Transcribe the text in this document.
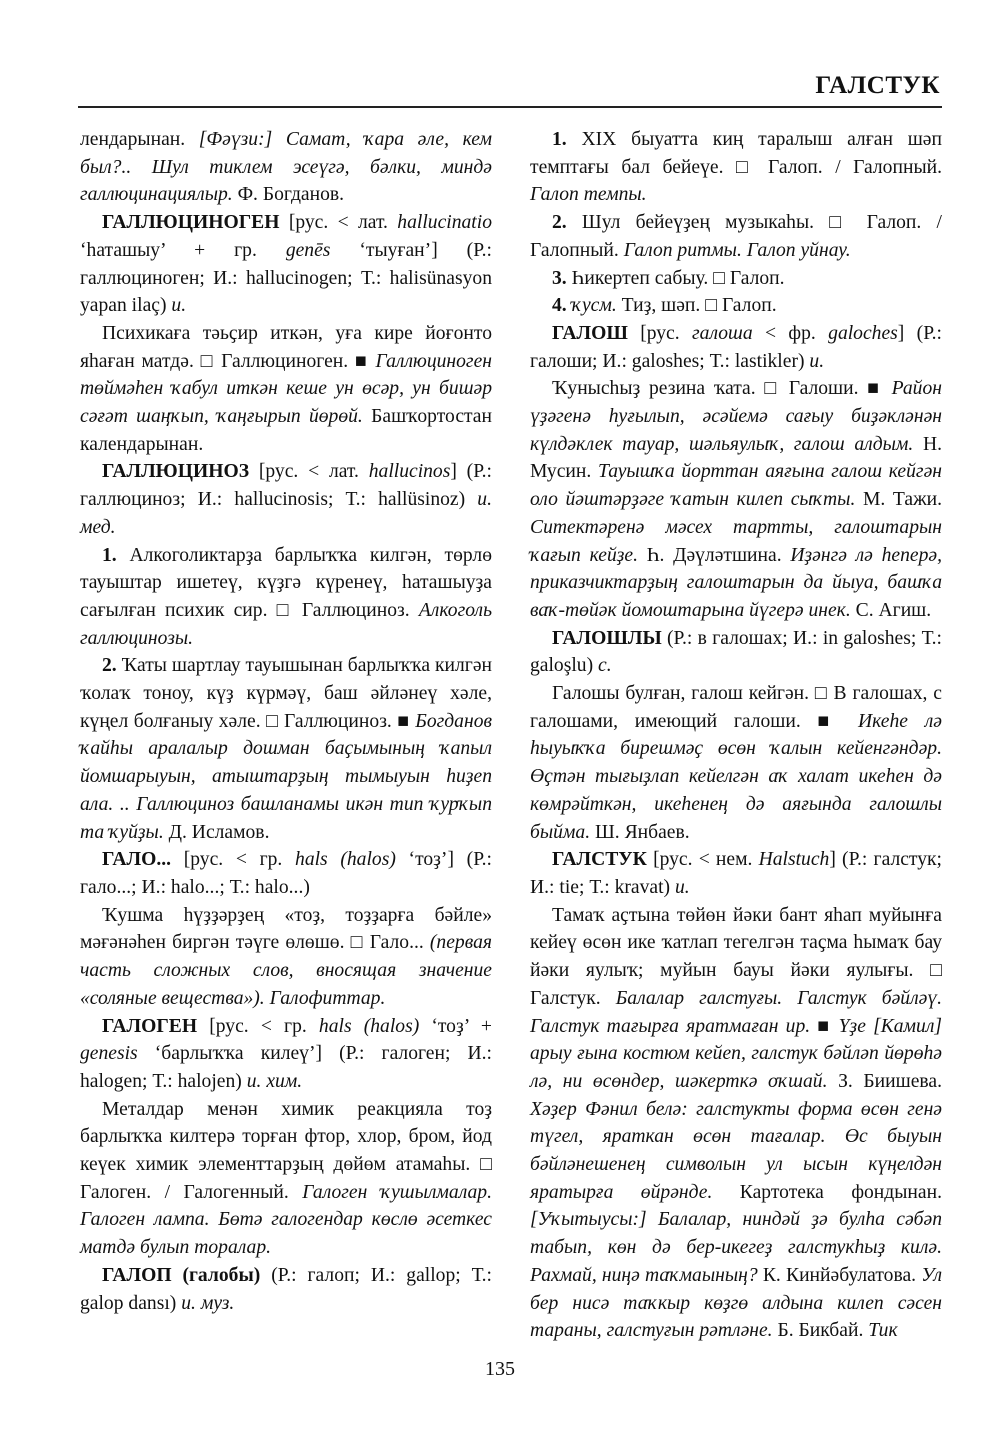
ГАЛСТУК

лендарынан. [Фәүзи:] Самат, ҡара әле, кем был?.. Шул тиклем эсеүгә, бәлки, миндә галлюцинациялыр. Ф. Богданов.

ГАЛЛЮЦИНОГЕН [рус. < лат. hallucinatio ‘һаташыу’ + гр. genēs ‘тыуған’] (Р.: галлюциноген; И.: hallucinogen; Т.: halisünasyon yapan ilaç) и.

Психикаға тәьҫир иткән, уға кире йоғонто яһаған матдә. □ Галлюциноген. ■ Галлюциноген төймәһен ҡабул иткән кеше ун өсәр, ун бишәр сәғәт шаңҡып, ҡаңғырып йөрөй. Башҡортостан календарынан.

ГАЛЛЮЦИНОЗ [рус. < лат. hallucinos] (Р.: галлюциноз; И.: hallucinosis; Т.: hallüsinoz) и. мед.

1. Алкоголиктарҙа барлыҡҡа килгән, төрлө тауыштар ишетеү, күҙгә күренеү, һаташыуҙа сағылған психик сир. □ Галлюциноз. Алкоголь галлюцинозы.

2. Ҡаты шартлау тауышынан барлыҡҡа килгән ҡолаҡ тоноу, күҙ күрмәү, баш әйләнеү хәле, күңел болғаныу хәле. □ Галлюциноз. ■ Богданов ҡайһы аралалыр дошман баҫымының ҡапыл йомшарыуын, атыштарҙың тымыуын һиҙеп ала. .. Галлюциноз башланамы икән тип ҡурҡып та ҡуйҙы. Д. Исламов.

ГАЛО... [рус. < гр. hals (halos) ‘тоҙ’] (Р.: гало...; И.: halo...; Т.: halo...)

Ҡушма һүҙҙәрҙең «тоҙ, тоҙҙарға бәйле» мәғәнәһен биргән тәүге өлөшө. □ Гало... (первая часть сложных слов, вносящая значение «соляные вещества»). Галофиттар.

ГАЛОГЕН [рус. < гр. hals (halos) ‘тоҙ’ + genesis ‘барлыҡҡа килеү’] (Р.: галоген; И.: halogen; Т.: halojen) и. хим.

Металдар менән химик реакцияла тоҙ барлыҡҡа килтерә торған фтор, хлор, бром, йод кеүек химик элементтарҙың дөйөм атамаһы. □ Галоген. / Галогенный. Галоген ҡушылмалар. Галоген лампа. Бөтә галогендар көслө әсеткес матдә булып торалар.

ГАЛОП (галобы) (Р.: галоп; И.: gallop; Т.: galop dansı) и. муз.

1. XIX быуатта киң таралыш алған шәп темптағы бал бейеүе. □ Галоп. / Галопный. Галоп темпы.

2. Шул бейеүҙең музыкаһы. □ Галоп. / Галопный. Галоп ритмы. Галоп уйнау.

3. Һикертеп сабыу. □ Галоп.

4. ҡусм. Тиҙ, шәп. □ Галоп.

ГАЛОШ [рус. галоша < фр. galoches] (Р.: галоши; И.: galoshes; Т.: lastikler) и.

Ҡунысһыҙ резина ҡата. □ Галоши. ■ Район үҙәгенә һуғылып, әсәйемә сағыу биҙәкләнән күлдәклек тауар, шәльяулыҡ, галош алдым. Н. Мусин. Тауышҡа йорттан аяғына галош кейгән оло йәштәрҙәге ҡатын килеп сыҡты. М. Тажи. Ситектәренә мәсех тартты, галоштарын ҡағып кейҙе. Һ. Дәүләтшина. Иҙәнгә лә һеперә, приказчиктарҙың галоштарын да йыуа, башҡа ваҡ-төйәк йомоштарына йүгерә инек. С. Агиш.

ГАЛОШЛЫ (Р.: в галошах; И.: in galoshes; Т.: galoşlu) с.

Галошы булған, галош кейгән. □ В галошах, с галошами, имеющий галоши. ■ Икеһе лә һыуыҡҡа бирешмәҫ өсөн ҡалын кейенгәндәр. Өҫтән тығыҙлап кейелгән аҡ халат икеһен дә көмрәйткән, икеһенең дә аяғында галошлы быйма. Ш. Янбаев.

ГАЛСТУК [рус. < нем. Halstuch] (Р.: галстук; И.: tie; Т.: kravat) и.

Тамаҡ аҫтына төйөн йәки бант яһап муйынға кейеү өсөн ике ҡатлап тегелгән таҫма һымаҡ бау йәки яулыҡ; муйын бауы йәки яулығы. □ Галстук. Балалар галстуғы. Галстук бәйләү. Галстук тағырға яратмаған ир. ■ Үҙе [Камил] арыу ғына костюм кейеп, галстук бәйләп йөрөһә лә, ни өсөндер, шәкерткә оҡшай. З. Биишева. Хәҙер Фәнил белә: галстукты форма өсөн генә түгел, яраткан өсөн тағалар. Өс быуын бәйләнешенең символын ул ысын күңелдән яратырға өйрәнде. Картотека фондынан. [Уҡытыусы:] Балалар, ниндәй ҙә булһа сәбәп табып, көн дә бер-икегеҙ галстукһыҙ килә. Рахмай, ниңә таҡмаының? К. Кинйәбулатова. Ул бер нисә таҡкыр көҙгө алдына килеп сәсен тараны, галстуғын рәтләне. Б. Бикбай. Тик

135
